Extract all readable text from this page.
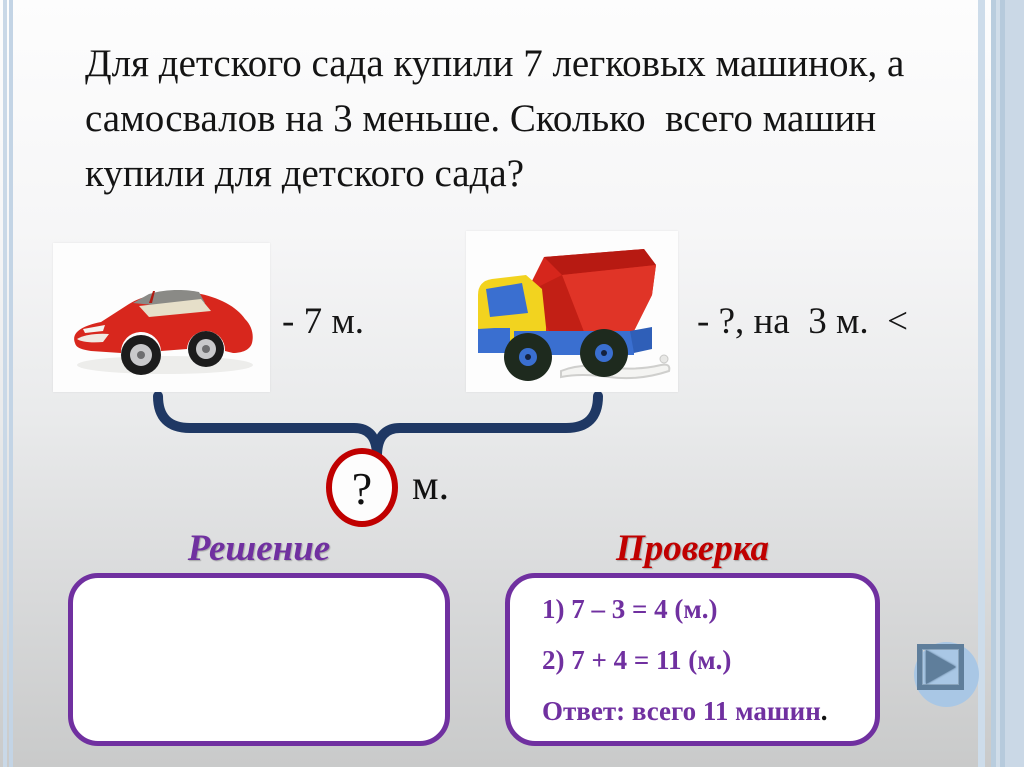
Для детского сада купили 7 легковых машинок, а
самосвалов на 3 меньше. Сколько  всего машин
купили для детского сада?
- 7 м.	- ?, на  3 м.  <
? м.
Решение	Проверка
1) 7 – 3 = 4 (м.)
2) 7 + 4 = 11 (м.)
Ответ: всего 11 машин.
